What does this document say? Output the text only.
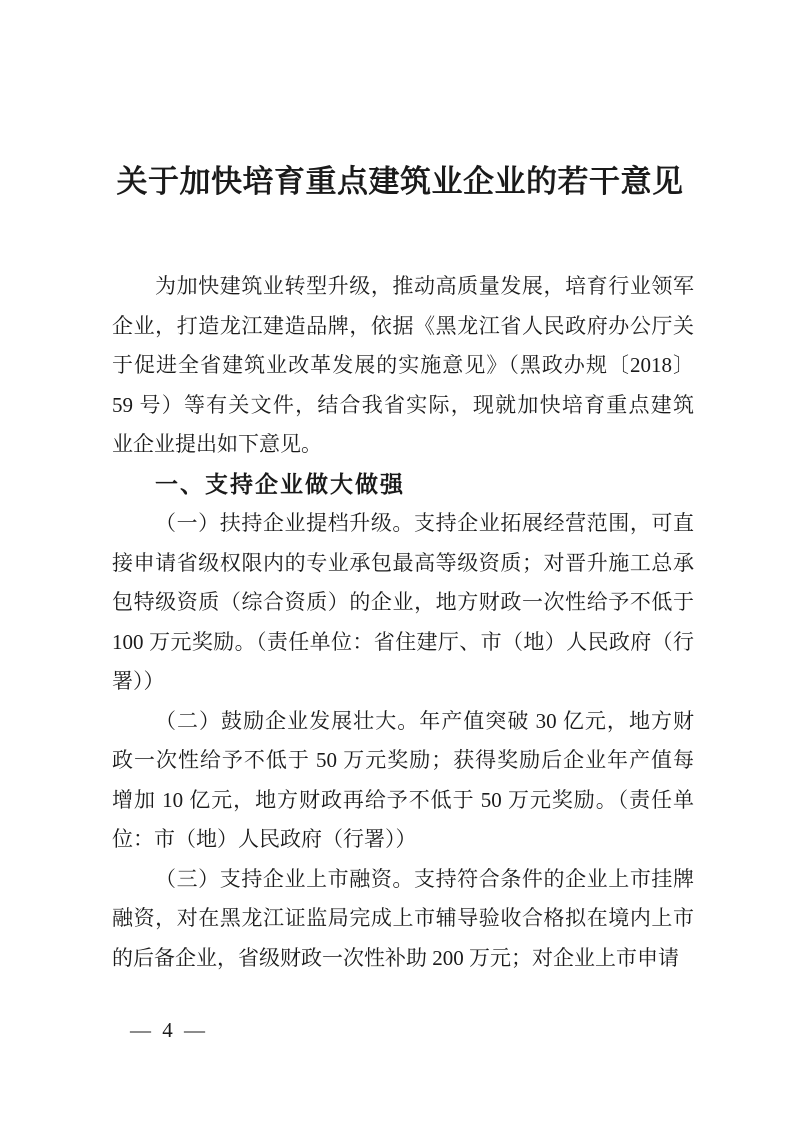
关于加快培育重点建筑业企业的若干意见
为加快建筑业转型升级，推动高质量发展，培育行业领军
企业，打造龙江建造品牌，依据《黑龙江省人民政府办公厅关
于促进全省建筑业改革发展的实施意见》（黑政办规〔2018〕
59 号）等有关文件，结合我省实际，现就加快培育重点建筑
业企业提出如下意见。
一、支持企业做大做强
（一）扶持企业提档升级。支持企业拓展经营范围，可直
接申请省级权限内的专业承包最高等级资质；对晋升施工总承
包特级资质（综合资质）的企业，地方财政一次性给予不低于
100 万元奖励。（责任单位：省住建厅、市（地）人民政府（行
署））
（二）鼓励企业发展壮大。年产值突破 30 亿元，地方财
政一次性给予不低于 50 万元奖励；获得奖励后企业年产值每
增加 10 亿元，地方财政再给予不低于 50 万元奖励。（责任单
位：市（地）人民政府（行署））
（三）支持企业上市融资。支持符合条件的企业上市挂牌
融资，对在黑龙江证监局完成上市辅导验收合格拟在境内上市
的后备企业，省级财政一次性补助 200 万元；对企业上市申请
— 4 —
